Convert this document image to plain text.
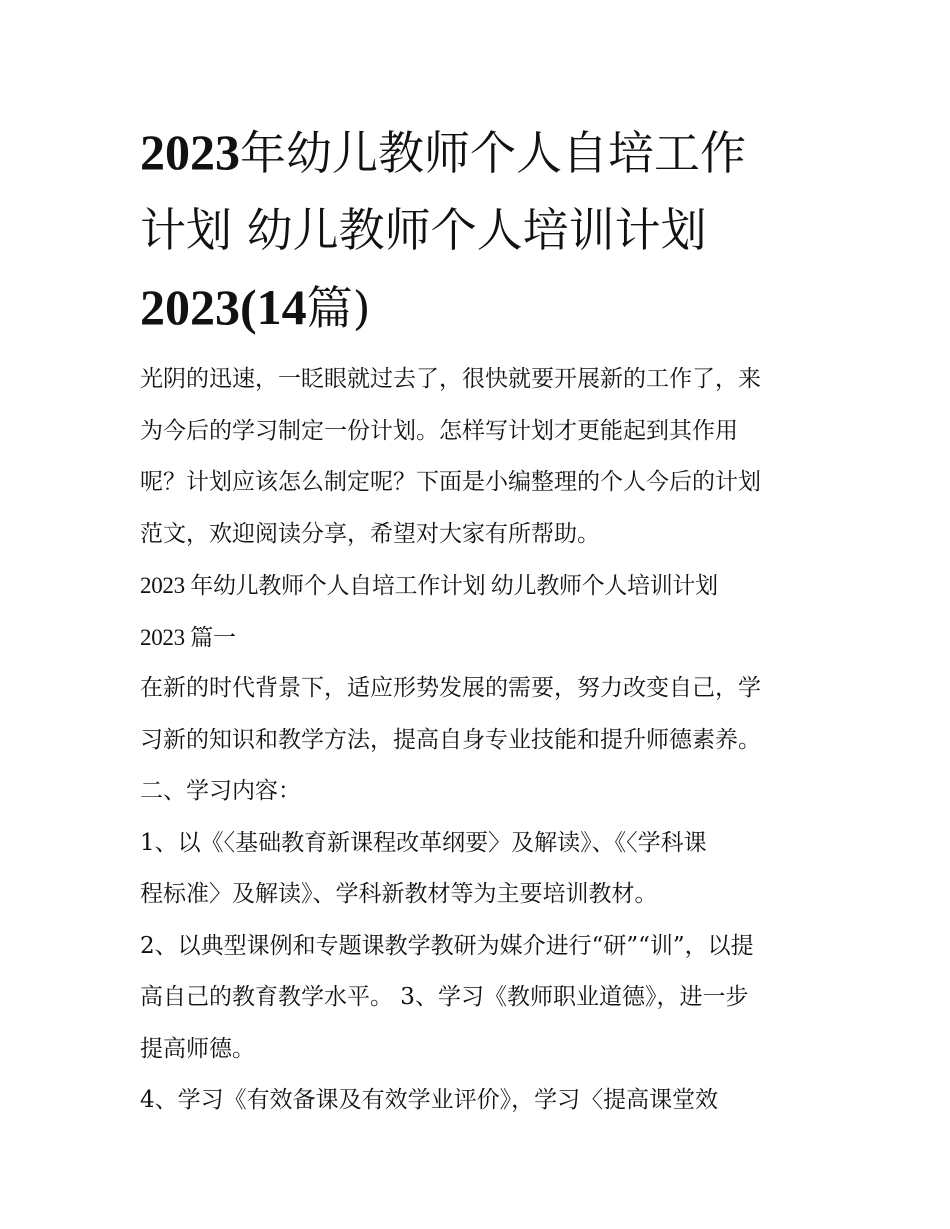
2023年幼儿教师个人自培工作
计划 幼儿教师个人培训计划
2023(14篇)
光阴的迅速，一眨眼就过去了，很快就要开展新的工作了，来
为今后的学习制定一份计划。怎样写计划才更能起到其作用
呢？计划应该怎么制定呢？下面是小编整理的个人今后的计划
范文，欢迎阅读分享，希望对大家有所帮助。
2023 年幼儿教师个人自培工作计划 幼儿教师个人培训计划
2023 篇一
在新的时代背景下，适应形势发展的需要，努力改变自己，学
习新的知识和教学方法，提高自身专业技能和提升师德素养。
二、学习内容：
1、以《〈基础教育新课程改革纲要〉及解读》、《〈学科课
程标准〉及解读》、学科新教材等为主要培训教材。
2、以典型课例和专题课教学教研为媒介进行“研”“训”，以提
高自己的教育教学水平。 3、学习《教师职业道德》，进一步
提高师德。
4、学习《有效备课及有效学业评价》，学习〈提高课堂效
